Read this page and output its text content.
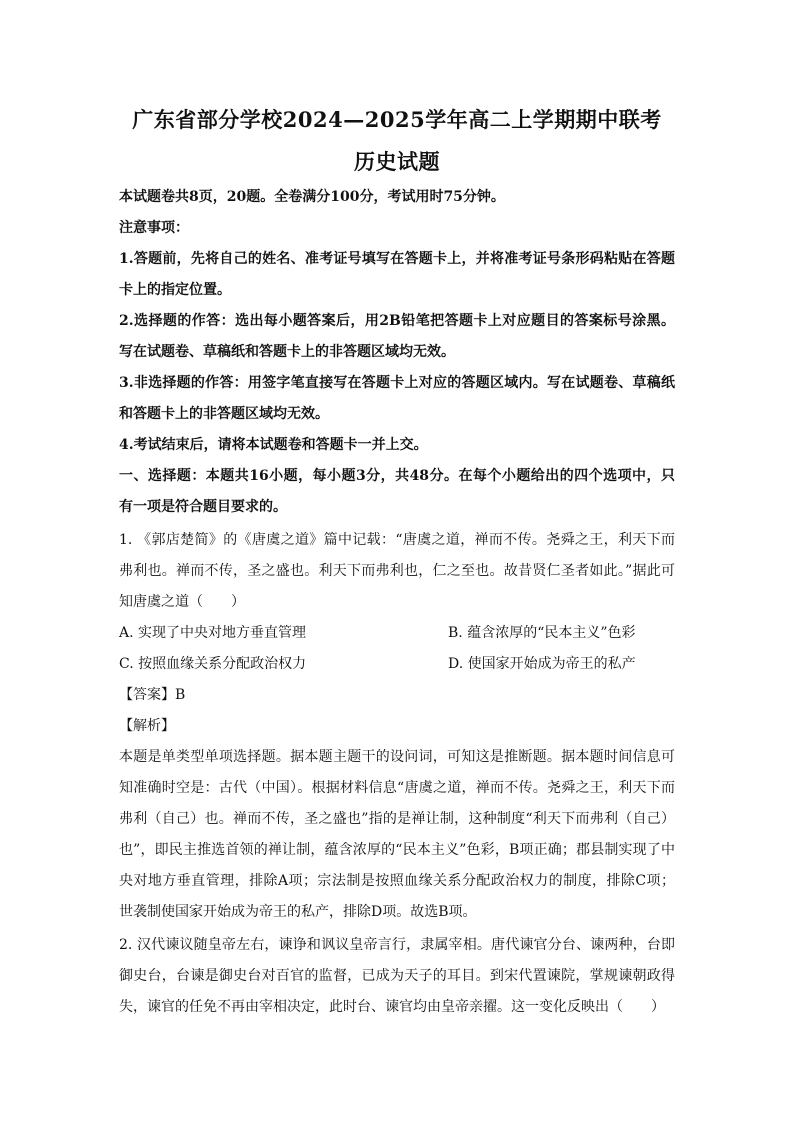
广东省部分学校2024—2025学年高二上学期期中联考
历史试题
本试题卷共8页，20题。全卷满分100分，考试用时75分钟。
注意事项：
1.答题前，先将自己的姓名、准考证号填写在答题卡上，并将准考证号条形码粘贴在答题
卡上的指定位置。
2.选择题的作答：选出每小题答案后，用2B铅笔把答题卡上对应题目的答案标号涂黑。
写在试题卷、草稿纸和答题卡上的非答题区域均无效。
3.非选择题的作答：用签字笔直接写在答题卡上对应的答题区域内。写在试题卷、草稿纸
和答题卡上的非答题区域均无效。
4.考试结束后，请将本试题卷和答题卡一并上交。
一、选择题：本题共16小题，每小题3分，共48分。在每个小题给出的四个选项中，只
有一项是符合题目要求的。
1. 《郭店楚简》的《唐虞之道》篇中记载：“唐虞之道，禅而不传。尧舜之王，利天下而
弗利也。禅而不传，圣之盛也。利天下而弗利也，仁之至也。故昔贤仁圣者如此。”据此可
知唐虞之道（　　）
A. 实现了中央对地方垂直管理	B. 蕴含浓厚的“民本主义”色彩
C. 按照血缘关系分配政治权力	D. 使国家开始成为帝王的私产
【答案】B
【解析】
本题是单类型单项选择题。据本题主题干的设问词，可知这是推断题。据本题时间信息可
知准确时空是：古代（中国）。根据材料信息“唐虞之道，禅而不传。尧舜之王，利天下而
弗利（自己）也。禅而不传，圣之盛也”指的是禅让制，这种制度“利天下而弗利（自己）
也”，即民主推选首领的禅让制，蕴含浓厚的“民本主义”色彩，B项正确；郡县制实现了中
央对地方垂直管理，排除A项；宗法制是按照血缘关系分配政治权力的制度，排除C项；
世袭制使国家开始成为帝王的私产，排除D项。故选B项。
2. 汉代谏议随皇帝左右，谏诤和讽议皇帝言行，隶属宰相。唐代谏官分台、谏两种，台即
御史台，台谏是御史台对百官的监督，已成为天子的耳目。到宋代置谏院，掌规谏朝政得
失，谏官的任免不再由宰相决定，此时台、谏官均由皇帝亲擢。这一变化反映出（　　）
